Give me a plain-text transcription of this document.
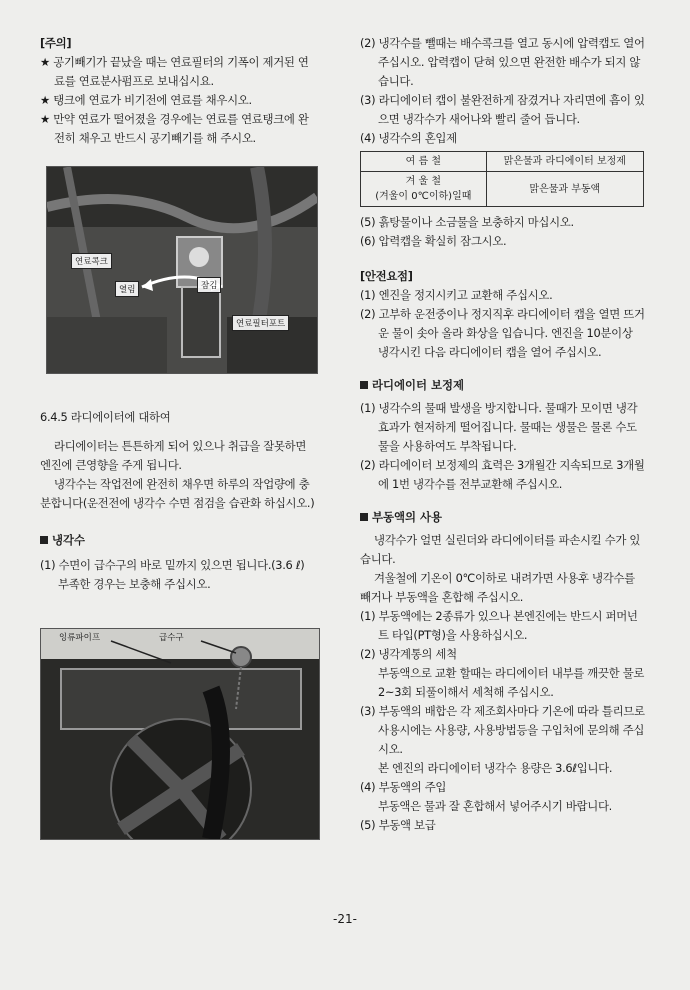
[주의]

★ 공기빼기가 끝났을 때는 연료필터의 기폭이 제거된 연료를 연료분사펌프로 보내십시요.

★ 탱크에 연료가 비기전에 연료를 채우시오.

★ 만약 연료가 떨어졌을 경우에는 연료를 연료탱크에 완전히 채우고 반드시 공기빼기를 해 주시오.

연료콕크
열림	잠김
연료필터포트

6.4.5 라디에이터에 대하여

라디에이터는 튼튼하게 되어 있으나 취급을 잘못하면 엔진에 큰영향을 주게 됩니다.

냉각수는 작업전에 완전히 채우면 하루의 작업량에 충분합니다(운전전에 냉각수 수면 점검을 습관화 하십시오.)

냉각수

(1) 수면이 급수구의 바로 밑까지 있으면 됩니다.(3.6 ℓ)

부족한 경우는 보충해 주십시오.

잉류파이프	급수구

(2) 냉각수를 뺄때는 배수콕크를 열고 동시에 압력캡도 열어 주십시오. 압력캡이 닫혀 있으면 완전한 배수가 되지 않습니다.

(3) 라디에이터 캡이 불완전하게 잠겼거나 자리면에 흠이 있으면 냉각수가 새어나와 빨리 줄어 듭니다.

(4) 냉각수의 혼입제

여 름 철	맑은물과 라디에이터 보정제

겨 울 철
(겨울이 0℃이하)일때	맑은물과 부동액

(5) 흙탕물이나 소금물을 보충하지 마십시오.

(6) 압력캡을 확실히 잠그시오.

[안전요점]

(1) 엔진을 정지시키고 교환해 주십시오.

(2) 고부하 운전중이나 정지직후 라디에이터 캡을 열면 뜨거운 물이 솟아 올라 화상을 입습니다. 엔진을 10분이상 냉각시킨 다음 라디에이터 캡을 열어 주십시오.

라디에이터 보정제

(1) 냉각수의 물때 발생을 방지합니다. 물때가 모이면 냉각효과가 현저하게 떨어집니다. 물때는 생물은 물론 수도물을 사용하여도 부착됩니다.

(2) 라디에이터 보정제의 효력은 3개월간 지속되므로 3개월에 1번 냉각수를 전부교환해 주십시오.

부동액의 사용

냉각수가 얼면 실린더와 라디에이터를 파손시킬 수가 있습니다.

겨울철에 기온이 0℃이하로 내려가면 사용후 냉각수를 빼거나 부동액을 혼합해 주십시오.

(1) 부동액에는 2종류가 있으나 본엔진에는 반드시 퍼머넌트 타입(PT형)을 사용하십시오.

(2) 냉각계통의 세척

부동액으로 교환 할때는 라디에이터 내부를 깨끗한 물로 2~3회 되풀이해서 세척해 주십시오.

(3) 부동액의 배합은 각 제조회사마다 기온에 따라 틀리므로 사용시에는 사용량, 사용방법등을 구입처에 문의해 주십시오.

본 엔진의 라디에이터 냉각수 용량은 3.6ℓ입니다.

(4) 부동액의 주입

부동액은 물과 잘 혼합해서 넣어주시기 바랍니다.

(5) 부동액 보급

-21-
